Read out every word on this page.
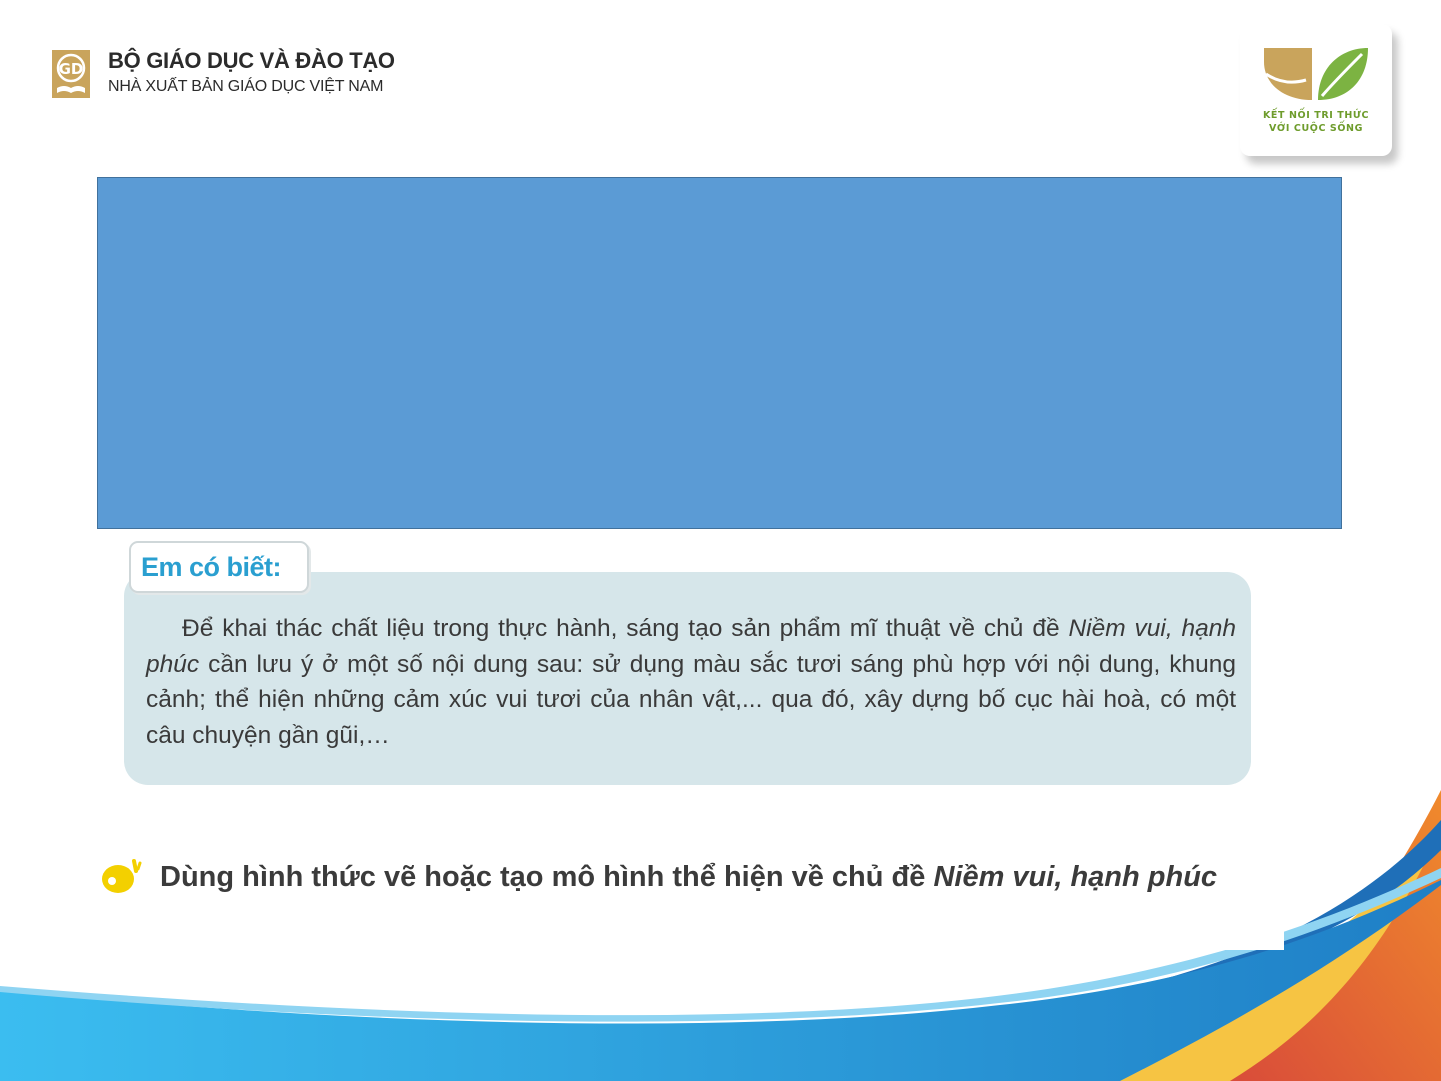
GD BỘ GIÁO DỤC VÀ ĐÀO TẠO
NHÀ XUẤT BẢN GIÁO DỤC VIỆT NAM
KẾT NỐI TRI THỨC
VỚI CUỘC SỐNG
Em có biết:

Để khai thác chất liệu trong thực hành, sáng tạo sản phẩm mĩ thuật về chủ đề Niềm vui, hạnh phúc cần lưu ý ở một số nội dung sau: sử dụng màu sắc tươi sáng phù hợp với nội dung, khung cảnh; thể hiện những cảm xúc vui tươi của nhân vật,... qua đó, xây dựng bố cục hài hoà, có một câu chuyện gần gũi,…

Dùng hình thức vẽ hoặc tạo mô hình thể hiện về chủ đề Niềm vui, hạnh phúc
